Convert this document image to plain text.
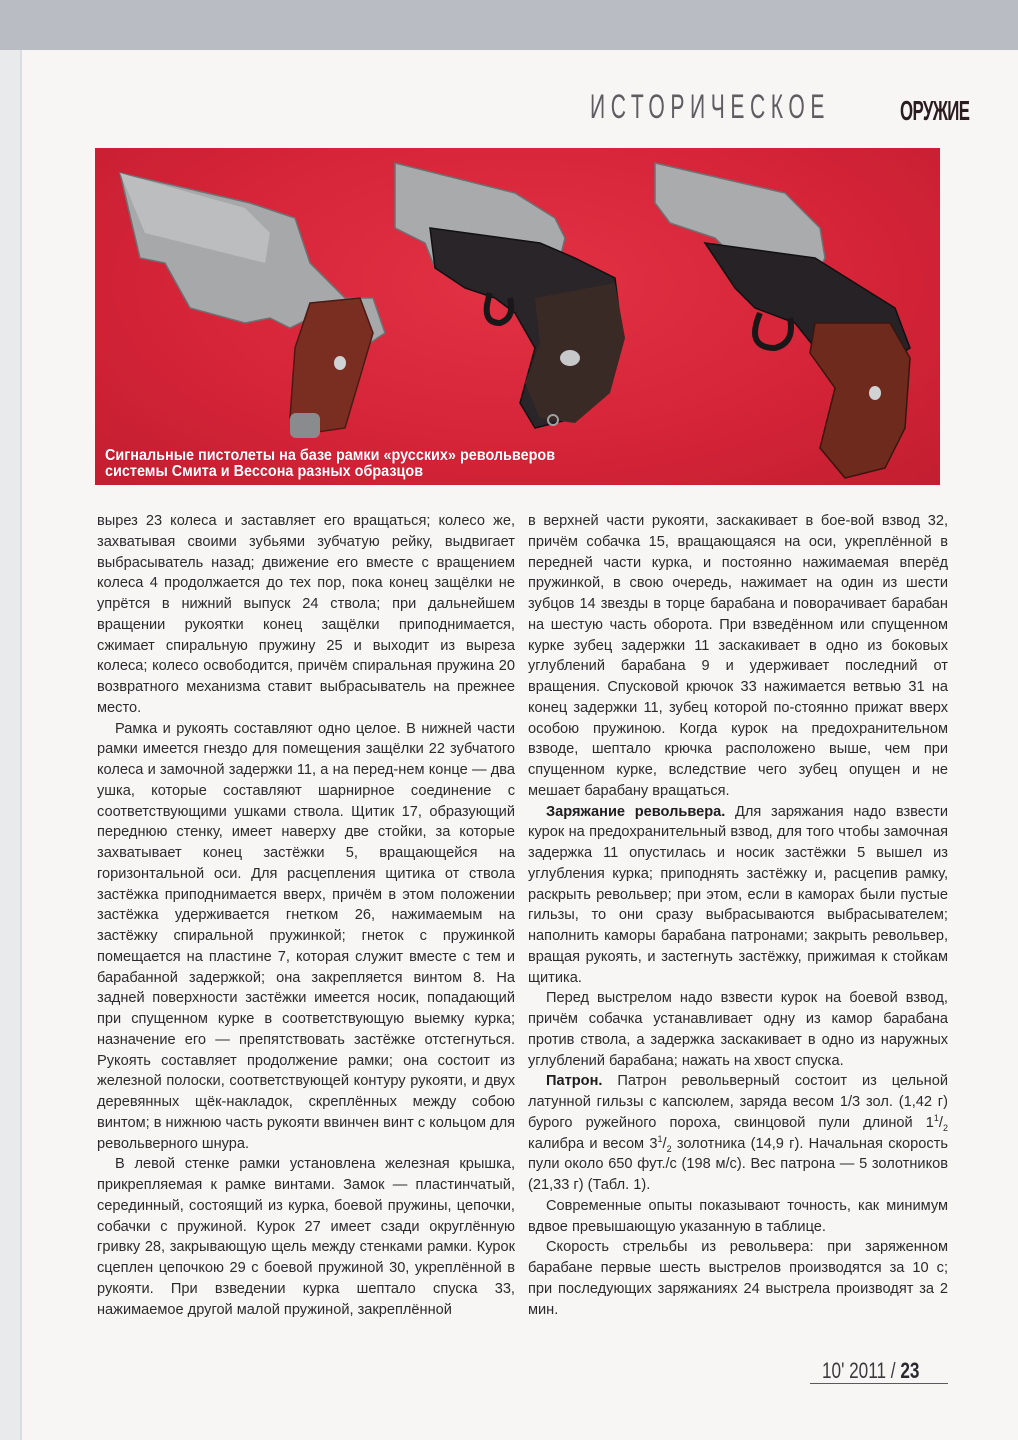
ИСТОРИЧЕСКОЕ ОРУЖИЕ
Сигнальные пистолеты на базе рамки «русских» револьверов
системы Смита и Вессона разных образцов

вырез 23 колеса и заставляет его вращаться; колесо же, захватывая своими зубьями зубчатую рейку, выдвигает выбрасыватель назад; движение его вместе с вращением колеса 4 продолжается до тех пор, пока конец защёлки не упрётся в нижний выпуск 24 ствола; при дальнейшем вращении рукоятки конец защёлки приподнимается, сжимает спиральную пружину 25 и выходит из выреза колеса; колесо освободится, причём спиральная пружина 20 возвратного механизма ставит выбрасыватель на прежнее место.

Рамка и рукоять составляют одно целое. В нижней части рамки имеется гнездо для помещения защёлки 22 зубчатого колеса и замочной задержки 11, а на перед-нем конце — два ушка, которые составляют шарнирное соединение с соответствующими ушками ствола. Щитик 17, образующий переднюю стенку, имеет наверху две стойки, за которые захватывает конец застёжки 5, вращающейся на горизонтальной оси. Для расцепления щитика от ствола застёжка приподнимается вверх, причём в этом положении застёжка удерживается гнетком 26, нажимаемым на застёжку спиральной пружинкой; гнеток с пружинкой помещается на пластине 7, которая служит вместе с тем и барабанной задержкой; она закрепляется винтом 8. На задней поверхности застёжки имеется носик, попадающий при спущенном курке в соответствующую выемку курка; назначение его — препятствовать застёжке отстегнуться. Рукоять составляет продолжение рамки; она состоит из железной полоски, соответствующей контуру рукояти, и двух деревянных щёк-накладок, скреплённых между собою винтом; в нижнюю часть рукояти ввинчен винт с кольцом для револьверного шнура.

В левой стенке рамки установлена железная крышка, прикрепляемая к рамке винтами. Замок — пластинчатый, серединный, состоящий из курка, боевой пружины, цепочки, собачки с пружиной. Курок 27 имеет сзади округлённую гривку 28, закрывающую щель между стенками рамки. Курок сцеплен цепочкою 29 с боевой пружиной 30, укреплённой в рукояти. При взведении курка шептало спуска 33, нажимаемое другой малой пружиной, закреплённой

в верхней части рукояти, заскакивает в бое-вой взвод 32, причём собачка 15, вращающаяся на оси, укреплённой в передней части курка, и постоянно нажимаемая вперёд пружинкой, в свою очередь, нажимает на один из шести зубцов 14 звезды в торце барабана и поворачивает барабан на шестую часть оборота. При взведённом или спущенном курке зубец задержки 11 заскакивает в одно из боковых углублений барабана 9 и удерживает последний от вращения. Спусковой крючок 33 нажимается ветвью 31 на конец задержки 11, зубец которой по-стоянно прижат вверх особою пружиною. Когда курок на предохранительном взводе, шептало крючка расположено выше, чем при спущенном курке, вследствие чего зубец опущен и не мешает барабану вращаться.

Заряжание револьвера. Для заряжания надо взвести курок на предохранительный взвод, для того чтобы замочная задержка 11 опустилась и носик застёжки 5 вышел из углубления курка; приподнять застёжку и, расцепив рамку, раскрыть револьвер; при этом, если в каморах были пустые гильзы, то они сразу выбрасываются выбрасывателем; наполнить каморы барабана патронами; закрыть револьвер, вращая рукоять, и застегнуть застёжку, прижимая к стойкам щитика.

Перед выстрелом надо взвести курок на боевой взвод, причём собачка устанавливает одну из камор барабана против ствола, а задержка заскакивает в одно из наружных углублений барабана; нажать на хвост спуска.

Патрон. Патрон револьверный состоит из цельной латунной гильзы с капсюлем, заряда весом 1/3 зол. (1,42 г) бурого ружейного пороха, свинцовой пули длиной $1^1/_2$ калибра и весом $3^1/_2$ золотника (14,9 г). Начальная скорость пули около 650 фут./с (198 м/с). Вес патрона — 5 золотников (21,33 г) (Табл. 1).

Современные опыты показывают точность, как минимум вдвое превышающую указанную в таблице.

Скорость стрельбы из револьвера: при заряженном барабане первые шесть выстрелов производятся за 10 с; при последующих заряжаниях 24 выстрела производят за 2 мин.

10' 2011 / 23
